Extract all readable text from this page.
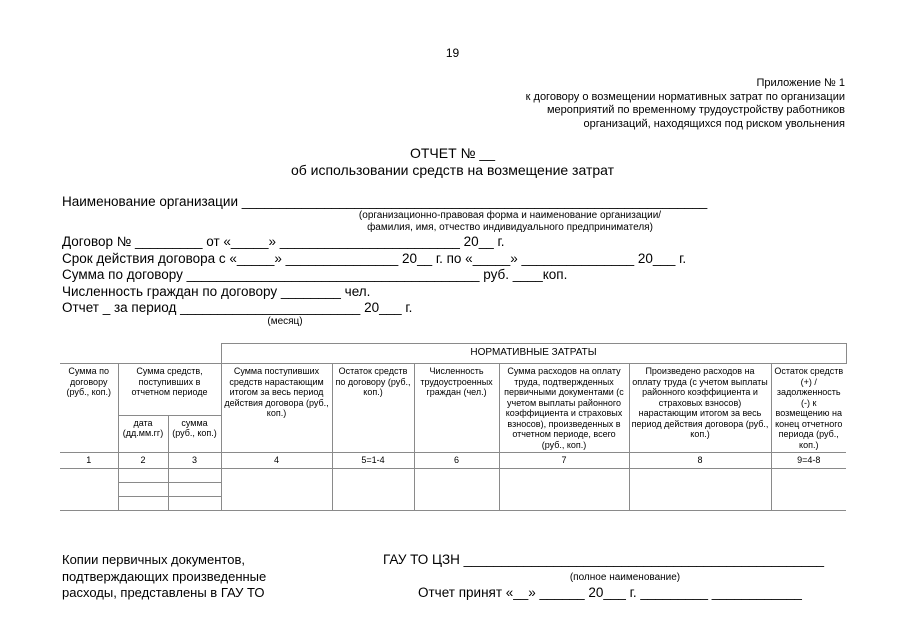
19
Приложение № 1
к договору о возмещении нормативных затрат по организации
мероприятий по временному трудоустройству работников
организаций, находящихся под риском увольнения
ОТЧЕТ № __
об использовании средств на возмещение затрат
Наименование организации ______________________________________________________________
(организационно-правовая форма и наименование организации/
фамилия, имя, отчество индивидуального предпринимателя)
Договор № _________ от «_____» ________________________ 20__ г.
Срок действия договора с «_____» _______________ 20__ г. по «_____» _______________ 20___ г.
Сумма по договору _______________________________________ руб. ____коп.
Численность граждан по договору ________ чел.
Отчет _ за период ________________________ 20___ г.
(месяц)
			НОРМАТИВНЫЕ ЗАТРАТЫ					
Сумма по договору (руб., коп.)	Сумма средств, поступивших в отчетном периоде		Сумма поступивших средств нарастающим итогом за весь период действия договора (руб., коп.)	Остаток средств по договору (руб., коп.)	Численность трудоустроенных граждан (чел.)	Сумма расходов на оплату труда, подтвержденных первичными документами (с учетом выплаты районного коэффициента и страховых взносов), произведенных в отчетном периоде, всего (руб., коп.)	Произведено расходов на оплату труда (с учетом выплаты районного коэффициента и страховых взносов) нарастающим итогом за весь период действия договора (руб., коп.)	Остаток средств (+) / задолженность (-) к возмещению на конец отчетного периода (руб., коп.)
	дата (дд.мм.гг)	сумма (руб., коп.)						
1	2	3	4	5=1-4	6	7	8	9=4-8

Копии первичных документов,
подтверждающих произведенные
расходы, представлены в ГАУ ТО
ГАУ ТО ЦЗН ________________________________________________
(полное наименование)
Отчет принят «__» ______ 20___ г. _________ ____________
